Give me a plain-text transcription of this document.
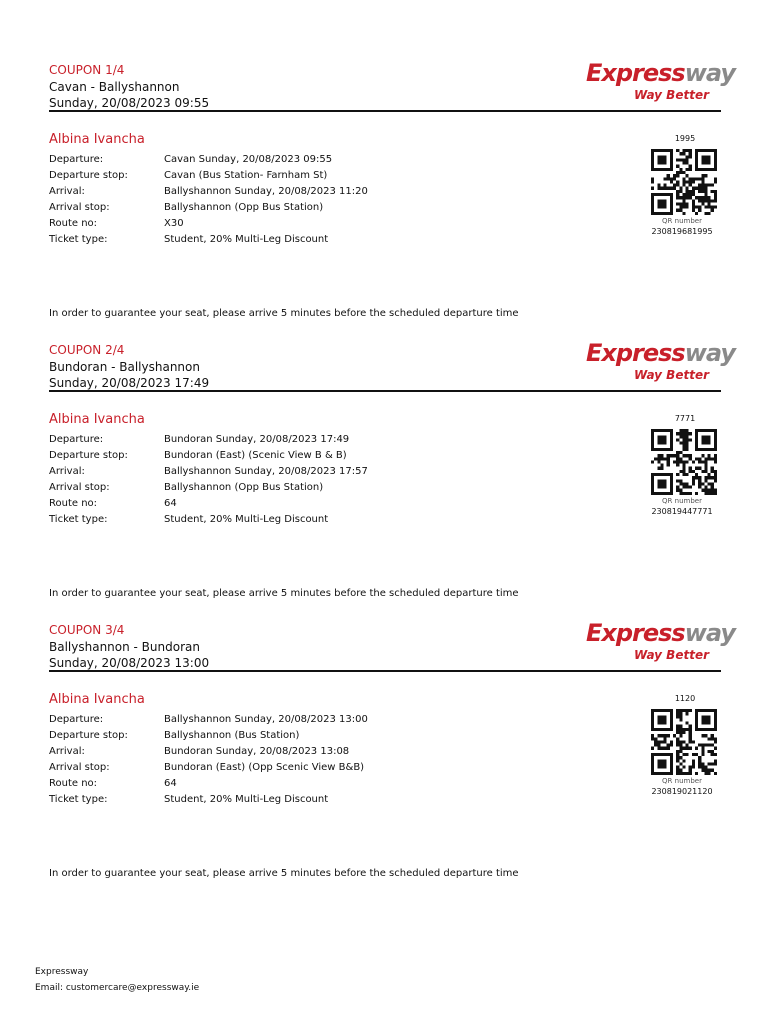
COUPON 1/4
Cavan - Ballyshannon
Sunday, 20/08/2023 09:55
Expressway
Way Better
Albina Ivancha
Departure:	Cavan Sunday, 20/08/2023 09:55
Departure stop:	Cavan (Bus Station- Farnham St)
Arrival:	Ballyshannon Sunday, 20/08/2023 11:20
Arrival stop:	Ballyshannon (Opp Bus Station)
Route no:	X30
Ticket type:	Student, 20% Multi-Leg Discount
1995
QR number
230819681995
In order to guarantee your seat, please arrive 5 minutes before the scheduled departure time
COUPON 2/4
Bundoran - Ballyshannon
Sunday, 20/08/2023 17:49
Expressway
Way Better
Albina Ivancha
Departure:	Bundoran Sunday, 20/08/2023 17:49
Departure stop:	Bundoran (East) (Scenic View B & B)
Arrival:	Ballyshannon Sunday, 20/08/2023 17:57
Arrival stop:	Ballyshannon (Opp Bus Station)
Route no:	64
Ticket type:	Student, 20% Multi-Leg Discount
7771
QR number
230819447771
In order to guarantee your seat, please arrive 5 minutes before the scheduled departure time
COUPON 3/4
Ballyshannon - Bundoran
Sunday, 20/08/2023 13:00
Expressway
Way Better
Albina Ivancha
Departure:	Ballyshannon Sunday, 20/08/2023 13:00
Departure stop:	Ballyshannon (Bus Station)
Arrival:	Bundoran Sunday, 20/08/2023 13:08
Arrival stop:	Bundoran (East) (Opp Scenic View B&B)
Route no:	64
Ticket type:	Student, 20% Multi-Leg Discount
1120
QR number
230819021120
In order to guarantee your seat, please arrive 5 minutes before the scheduled departure time
Expressway
Email: customercare@expressway.ie
